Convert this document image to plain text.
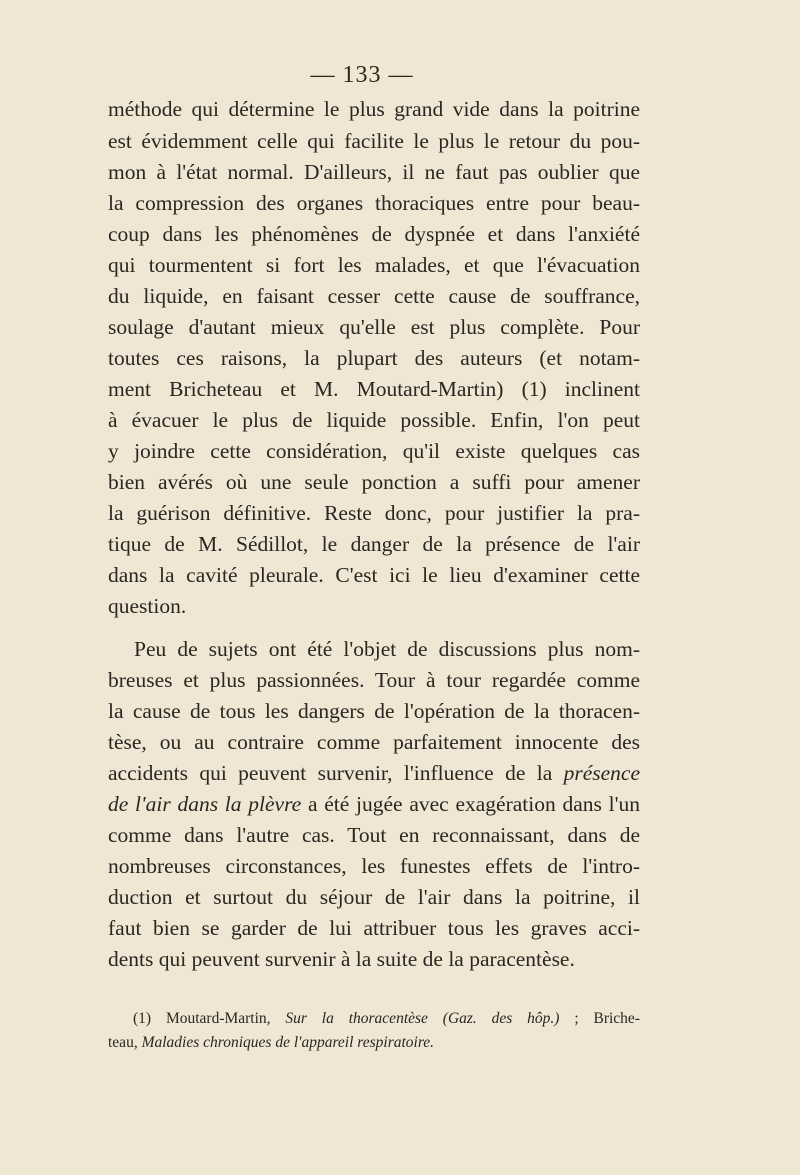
— 133 —
méthode qui détermine le plus grand vide dans la poitrine
est évidemment celle qui facilite le plus le retour du pou-
mon à l'état normal. D'ailleurs, il ne faut pas oublier que
la compression des organes thoraciques entre pour beau-
coup dans les phénomènes de dyspnée et dans l'anxiété
qui tourmentent si fort les malades, et que l'évacuation
du liquide, en faisant cesser cette cause de souffrance,
soulage d'autant mieux qu'elle est plus complète. Pour
toutes ces raisons, la plupart des auteurs (et notam-
ment Bricheteau et M. Moutard-Martin) (1) inclinent
à évacuer le plus de liquide possible. Enfin, l'on peut
y joindre cette considération, qu'il existe quelques cas
bien avérés où une seule ponction a suffi pour amener
la guérison définitive. Reste donc, pour justifier la pra-
tique de M. Sédillot, le danger de la présence de l'air
dans la cavité pleurale. C'est ici le lieu d'examiner cette
question.
Peu de sujets ont été l'objet de discussions plus nom-
breuses et plus passionnées. Tour à tour regardée comme
la cause de tous les dangers de l'opération de la thoracen-
tèse, ou au contraire comme parfaitement innocente des
accidents qui peuvent survenir, l'influence de la présence
de l'air dans la plèvre a été jugée avec exagération dans l'un
comme dans l'autre cas. Tout en reconnaissant, dans de
nombreuses circonstances, les funestes effets de l'intro-
duction et surtout du séjour de l'air dans la poitrine, il
faut bien se garder de lui attribuer tous les graves acci-
dents qui peuvent survenir à la suite de la paracentèse.
(1) Moutard-Martin, Sur la thoracentèse (Gaz. des hôp.) ; Briche-
teau, Maladies chroniques de l'appareil respiratoire.
